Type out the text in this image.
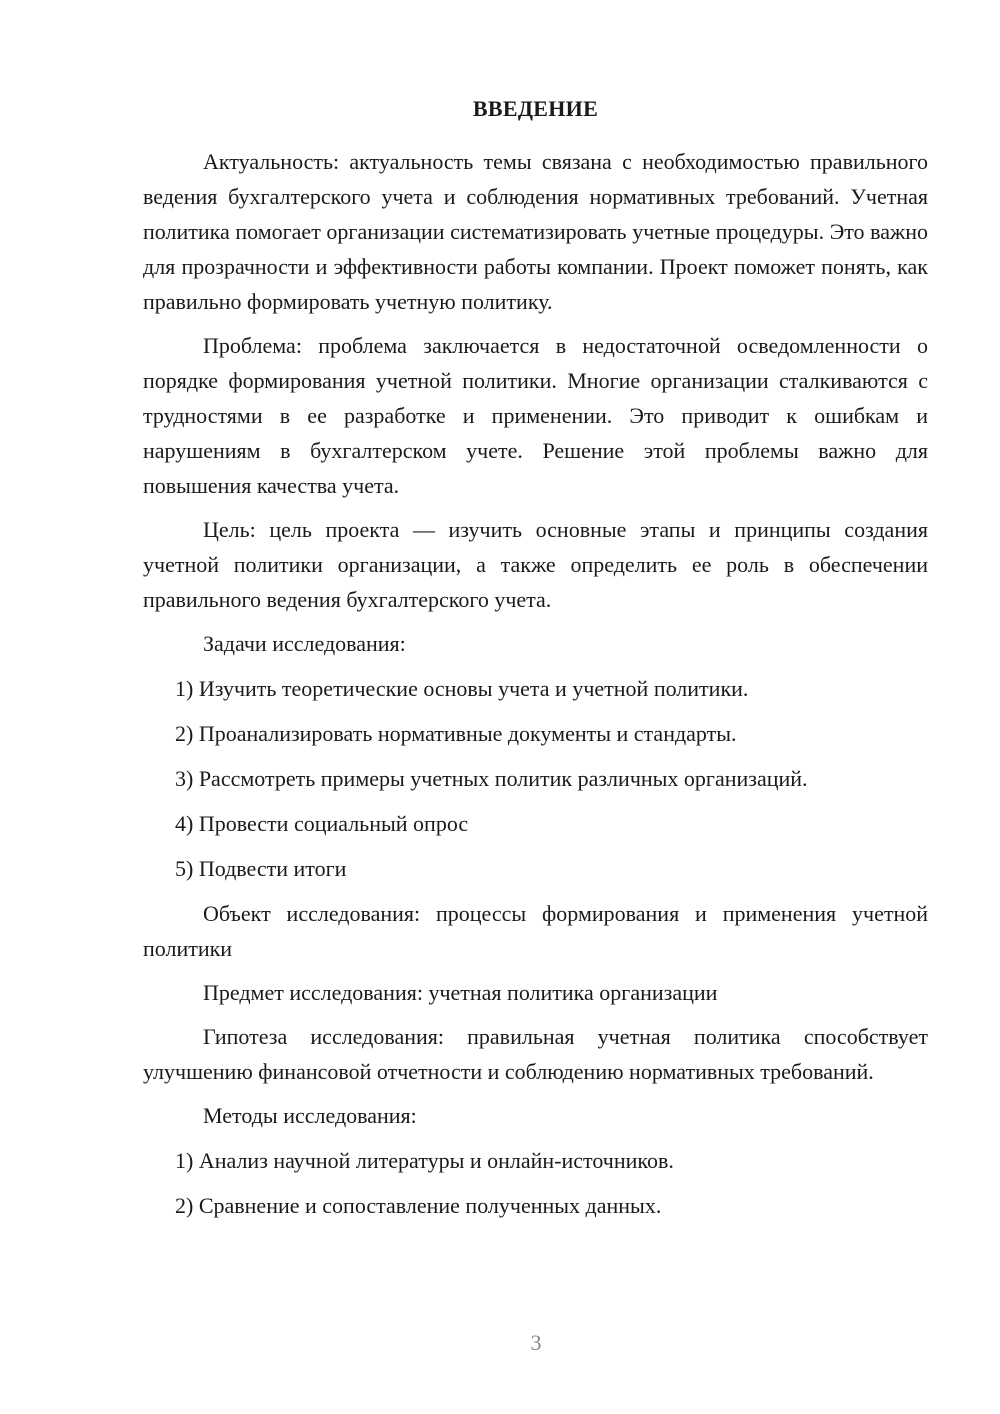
ВВЕДЕНИЕ
Актуальность: актуальность темы связана с необходимостью правильного ведения бухгалтерского учета и соблюдения нормативных требований. Учетная политика помогает организации систематизировать учетные процедуры. Это важно для прозрачности и эффективности работы компании. Проект поможет понять, как правильно формировать учетную политику.
Проблема: проблема заключается в недостаточной осведомленности о порядке формирования учетной политики. Многие организации сталкиваются с трудностями в ее разработке и применении. Это приводит к ошибкам и нарушениям в бухгалтерском учете. Решение этой проблемы важно для повышения качества учета.
Цель: цель проекта — изучить основные этапы и принципы создания учетной политики организации, а также определить ее роль в обеспечении правильного ведения бухгалтерского учета.
Задачи исследования:
1) Изучить теоретические основы учета и учетной политики.
2) Проанализировать нормативные документы и стандарты.
3) Рассмотреть примеры учетных политик различных организаций.
4) Провести социальный опрос
5) Подвести итоги
Объект исследования: процессы формирования и применения учетной политики
Предмет исследования: учетная политика организации
Гипотеза исследования: правильная учетная политика способствует улучшению финансовой отчетности и соблюдению нормативных требований.
Методы исследования:
1) Анализ научной литературы и онлайн-источников.
2) Сравнение и сопоставление полученных данных.
3
